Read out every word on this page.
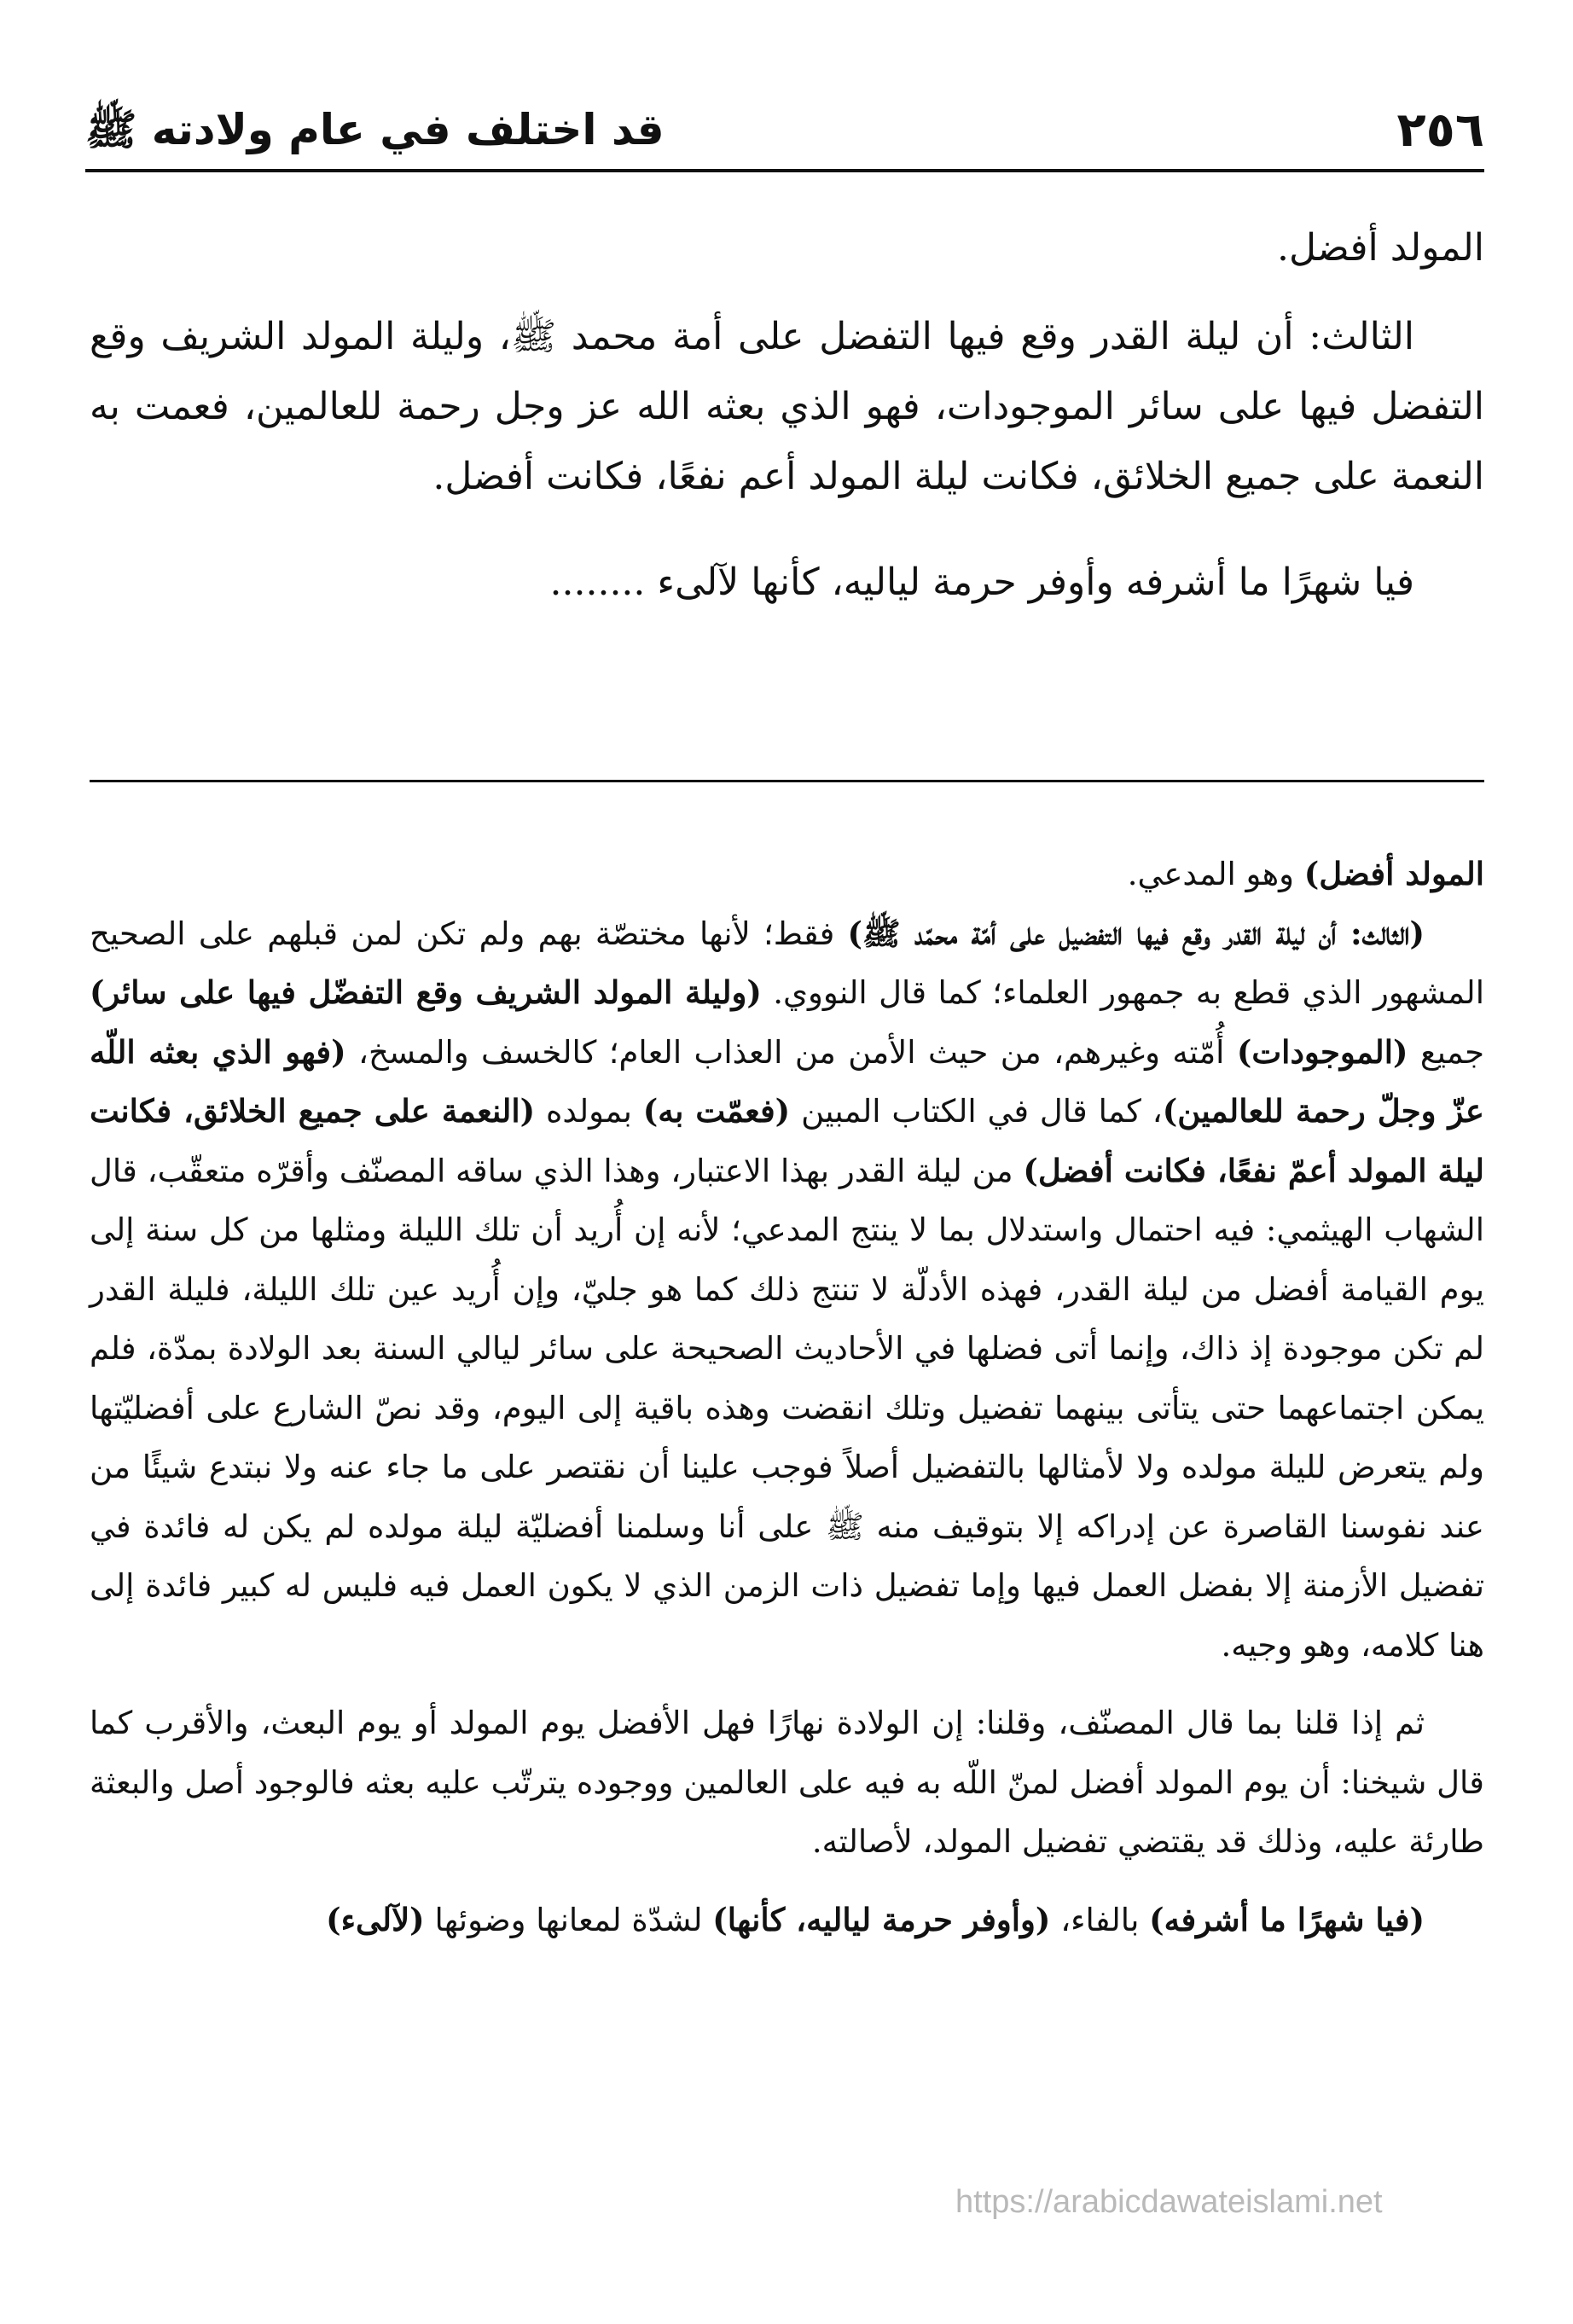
٢٥٦
قد اختلف في عام ولادته ﷺ

المولد أفضل.

الثالث: أن ليلة القدر وقع فيها التفضل على أمة محمد ﷺ، وليلة المولد الشريف وقع التفضل فيها على سائر الموجودات، فهو الذي بعثه الله عز وجل رحمة للعالمين، فعمت به النعمة على جميع الخلائق، فكانت ليلة المولد أعم نفعًا، فكانت أفضل.

فيا شهرًا ما أشرفه وأوفر حرمة لياليه، كأنها لآلىء ........

المولد أفضل) وهو المدعي.

(الثالث: أن ليلة القدر وقع فيها التفضيل على أمّة محمّد ﷺ) فقط؛ لأنها مختصّة بهم ولم تكن لمن قبلهم على الصحيح المشهور الذي قطع به جمهور العلماء؛ كما قال النووي. (وليلة المولد الشريف وقع التفضّل فيها على سائر) جميع (الموجودات) أُمّته وغيرهم، من حيث الأمن من العذاب العام؛ كالخسف والمسخ، (فهو الذي بعثه اللّه عزّ وجلّ رحمة للعالمين)، كما قال في الكتاب المبين (فعمّت به) بمولده (النعمة على جميع الخلائق، فكانت ليلة المولد أعمّ نفعًا، فكانت أفضل) من ليلة القدر بهذا الاعتبار، وهذا الذي ساقه المصنّف وأقرّه متعقّب، قال الشهاب الهيثمي: فيه احتمال واستدلال بما لا ينتج المدعي؛ لأنه إن أُريد أن تلك الليلة ومثلها من كل سنة إلى يوم القيامة أفضل من ليلة القدر، فهذه الأدلّة لا تنتج ذلك كما هو جليّ، وإن أُريد عين تلك الليلة، فليلة القدر لم تكن موجودة إذ ذاك، وإنما أتى فضلها في الأحاديث الصحيحة على سائر ليالي السنة بعد الولادة بمدّة، فلم يمكن اجتماعهما حتى يتأتى بينهما تفضيل وتلك انقضت وهذه باقية إلى اليوم، وقد نصّ الشارع على أفضليّتها ولم يتعرض لليلة مولده ولا لأمثالها بالتفضيل أصلاً فوجب علينا أن نقتصر على ما جاء عنه ولا نبتدع شيئًا من عند نفوسنا القاصرة عن إدراكه إلا بتوقيف منه ﷺ على أنا وسلمنا أفضليّة ليلة مولده لم يكن له فائدة في تفضيل الأزمنة إلا بفضل العمل فيها وإما تفضيل ذات الزمن الذي لا يكون العمل فيه فليس له كبير فائدة إلى هنا كلامه، وهو وجيه.

ثم إذا قلنا بما قال المصنّف، وقلنا: إن الولادة نهارًا فهل الأفضل يوم المولد أو يوم البعث، والأقرب كما قال شيخنا: أن يوم المولد أفضل لمنّ اللّه به فيه على العالمين ووجوده يترتّب عليه بعثه فالوجود أصل والبعثة طارئة عليه، وذلك قد يقتضي تفضيل المولد، لأصالته.

(فيا شهرًا ما أشرفه) بالفاء، (وأوفر حرمة لياليه، كأنها) لشدّة لمعانها وضوئها (لآلىء)

https://arabicdawateislami.net
